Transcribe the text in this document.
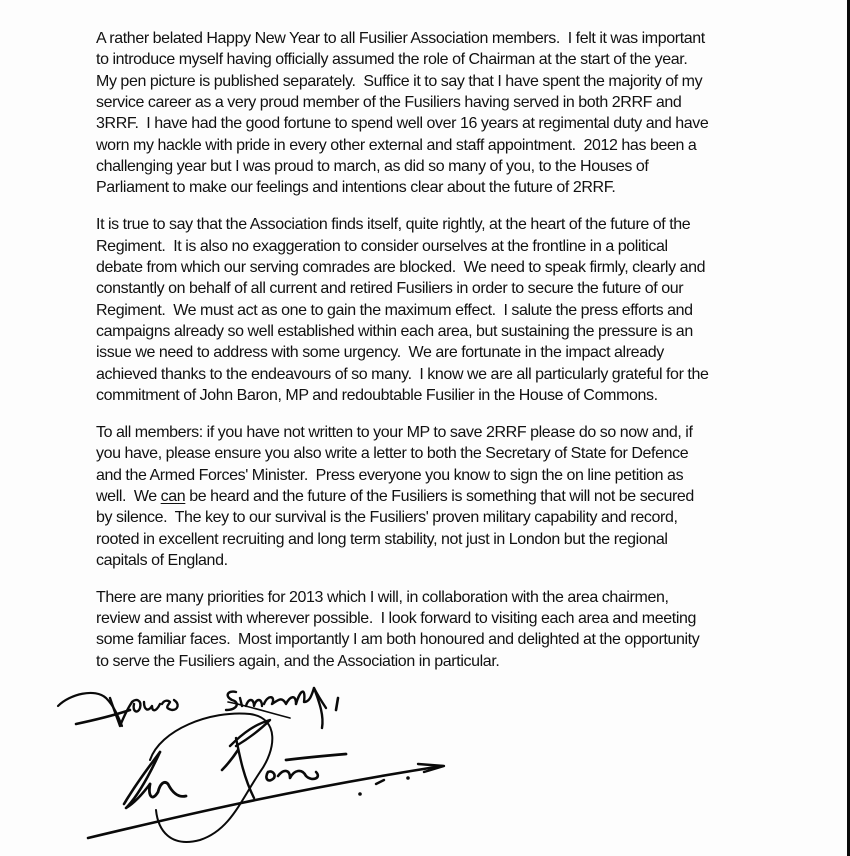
A rather belated Happy New Year to all Fusilier Association members.  I felt it was important
to introduce myself having officially assumed the role of Chairman at the start of the year.
My pen picture is published separately.  Suffice it to say that I have spent the majority of my
service career as a very proud member of the Fusiliers having served in both 2RRF and
3RRF.  I have had the good fortune to spend well over 16 years at regimental duty and have
worn my hackle with pride in every other external and staff appointment.  2012 has been a
challenging year but I was proud to march, as did so many of you, to the Houses of
Parliament to make our feelings and intentions clear about the future of 2RRF.

It is true to say that the Association finds itself, quite rightly, at the heart of the future of the
Regiment.  It is also no exaggeration to consider ourselves at the frontline in a political
debate from which our serving comrades are blocked.  We need to speak firmly, clearly and
constantly on behalf of all current and retired Fusiliers in order to secure the future of our
Regiment.  We must act as one to gain the maximum effect.  I salute the press efforts and
campaigns already so well established within each area, but sustaining the pressure is an
issue we need to address with some urgency.  We are fortunate in the impact already
achieved thanks to the endeavours of so many.  I know we are all particularly grateful for the
commitment of John Baron, MP and redoubtable Fusilier in the House of Commons.

To all members: if you have not written to your MP to save 2RRF please do so now and, if
you have, please ensure you also write a letter to both the Secretary of State for Defence
and the Armed Forces' Minister.  Press everyone you know to sign the on line petition as
well.  We can be heard and the future of the Fusiliers is something that will not be secured
by silence.  The key to our survival is the Fusiliers' proven military capability and record,
rooted in excellent recruiting and long term stability, not just in London but the regional
capitals of England.

There are many priorities for 2013 which I will, in collaboration with the area chairmen,
review and assist with wherever possible.  I look forward to visiting each area and meeting
some familiar faces.  Most importantly I am both honoured and delighted at the opportunity
to serve the Fusiliers again, and the Association in particular.
